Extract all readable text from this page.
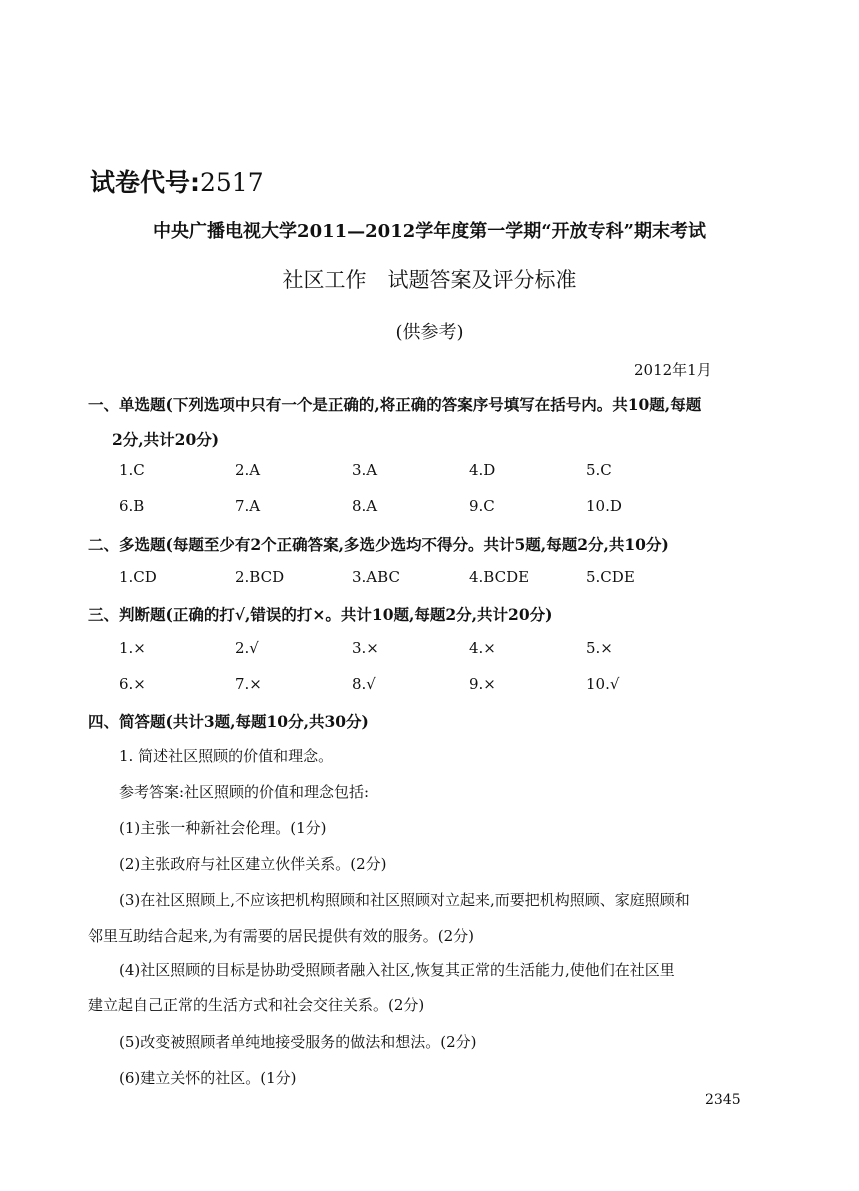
试卷代号:2517
中央广播电视大学2011—2012学年度第一学期“开放专科”期末考试
社区工作　试题答案及评分标准
(供参考)
2012年1月
一、单选题(下列选项中只有一个是正确的,将正确的答案序号填写在括号内。共10题,每题
2分,共计20分)
1.C	2.A	3.A	4.D	5.C
6.B	7.A	8.A	9.C	10.D
二、多选题(每题至少有2个正确答案,多选少选均不得分。共计5题,每题2分,共10分)
1.CD	2.BCD	3.ABC	4.BCDE	5.CDE
三、判断题(正确的打√,错误的打×。共计10题,每题2分,共计20分)
1.×	2.√	3.×	4.×	5.×
6.×	7.×	8.√	9.×	10.√
四、简答题(共计3题,每题10分,共30分)
1. 简述社区照顾的价值和理念。
参考答案:社区照顾的价值和理念包括:
(1)主张一种新社会伦理。(1分)
(2)主张政府与社区建立伙伴关系。(2分)
(3)在社区照顾上,不应该把机构照顾和社区照顾对立起来,而要把机构照顾、家庭照顾和
邻里互助结合起来,为有需要的居民提供有效的服务。(2分)
(4)社区照顾的目标是协助受照顾者融入社区,恢复其正常的生活能力,使他们在社区里
建立起自己正常的生活方式和社会交往关系。(2分)
(5)改变被照顾者单纯地接受服务的做法和想法。(2分)
(6)建立关怀的社区。(1分)
2345
